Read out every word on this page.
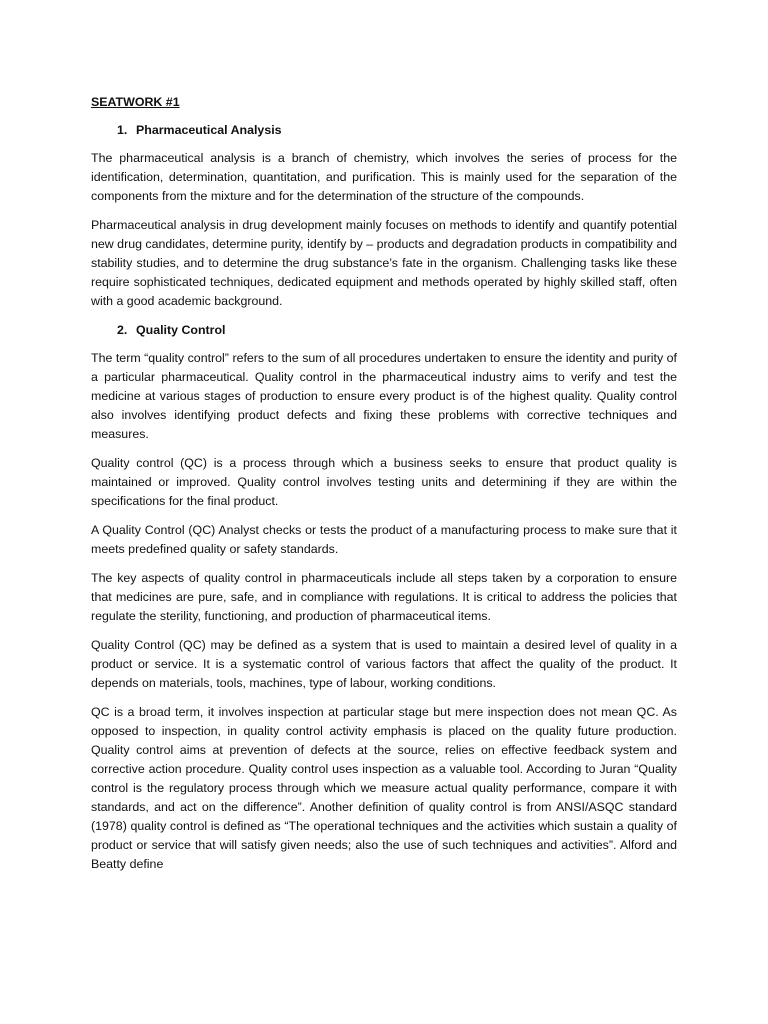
SEATWORK #1
1. Pharmaceutical Analysis

The pharmaceutical analysis is a branch of chemistry, which involves the series of process for the identification, determination, quantitation, and purification. This is mainly used for the separation of the components from the mixture and for the determination of the structure of the compounds.

Pharmaceutical analysis in drug development mainly focuses on methods to identify and quantify potential new drug candidates, determine purity, identify by – products and degradation products in compatibility and stability studies, and to determine the drug substance’s fate in the organism. Challenging tasks like these require sophisticated techniques, dedicated equipment and methods operated by highly skilled staff, often with a good academic background.

2. Quality Control

The term “quality control” refers to the sum of all procedures undertaken to ensure the identity and purity of a particular pharmaceutical. Quality control in the pharmaceutical industry aims to verify and test the medicine at various stages of production to ensure every product is of the highest quality. Quality control also involves identifying product defects and fixing these problems with corrective techniques and measures.

Quality control (QC) is a process through which a business seeks to ensure that product quality is maintained or improved. Quality control involves testing units and determining if they are within the specifications for the final product.

A Quality Control (QC) Analyst checks or tests the product of a manufacturing process to make sure that it meets predefined quality or safety standards.

The key aspects of quality control in pharmaceuticals include all steps taken by a corporation to ensure that medicines are pure, safe, and in compliance with regulations. It is critical to address the policies that regulate the sterility, functioning, and production of pharmaceutical items.

Quality Control (QC) may be defined as a system that is used to maintain a desired level of quality in a product or service. It is a systematic control of various factors that affect the quality of the product. It depends on materials, tools, machines, type of labour, working conditions.

QC is a broad term, it involves inspection at particular stage but mere inspection does not mean QC. As opposed to inspection, in quality control activity emphasis is placed on the quality future production. Quality control aims at prevention of defects at the source, relies on effective feedback system and corrective action procedure. Quality control uses inspection as a valuable tool. According to Juran “Quality control is the regulatory process through which we measure actual quality performance, compare it with standards, and act on the difference”. Another definition of quality control is from ANSI/ASQC standard (1978) quality control is defined as “The operational techniques and the activities which sustain a quality of product or service that will satisfy given needs; also the use of such techniques and activities”. Alford and Beatty define
